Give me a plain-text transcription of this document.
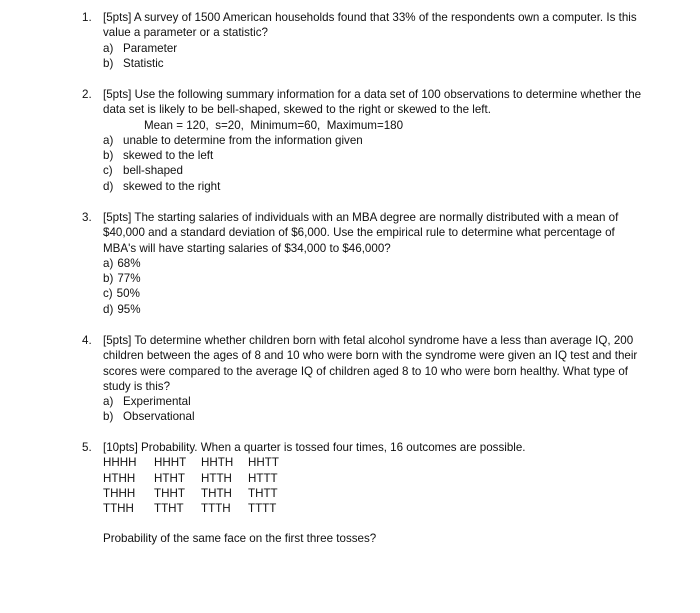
1. [5pts] A survey of 1500 American households found that 33% of the respondents own a computer. Is this value a parameter or a statistic?
a) Parameter
b) Statistic
2. [5pts] Use the following summary information for a data set of 100 observations to determine whether the data set is likely to be bell-shaped, skewed to the right or skewed to the left.
Mean = 120,  s=20,  Minimum=60,  Maximum=180
a) unable to determine from the information given
b) skewed to the left
c) bell-shaped
d) skewed to the right
3. [5pts] The starting salaries of individuals with an MBA degree are normally distributed with a mean of $40,000 and a standard deviation of $6,000. Use the empirical rule to determine what percentage of MBA's will have starting salaries of $34,000 to $46,000?
a) 68%
b) 77%
c) 50%
d) 95%
4. [5pts] To determine whether children born with fetal alcohol syndrome have a less than average IQ, 200 children between the ages of 8 and 10 who were born with the syndrome were given an IQ test and their scores were compared to the average IQ of children aged 8 to 10 who were born healthy. What type of study is this?
a) Experimental
b) Observational
5. [10pts] Probability. When a quarter is tossed four times, 16 outcomes are possible.
HHHH	HHHT	HHTH	HHTT
HTHH	HTHT	HTTH	HTTT
THHH	THHT	THTH	THTT
TTHH	TTHT	TTTH	TTTT
Probability of the same face on the first three tosses?
